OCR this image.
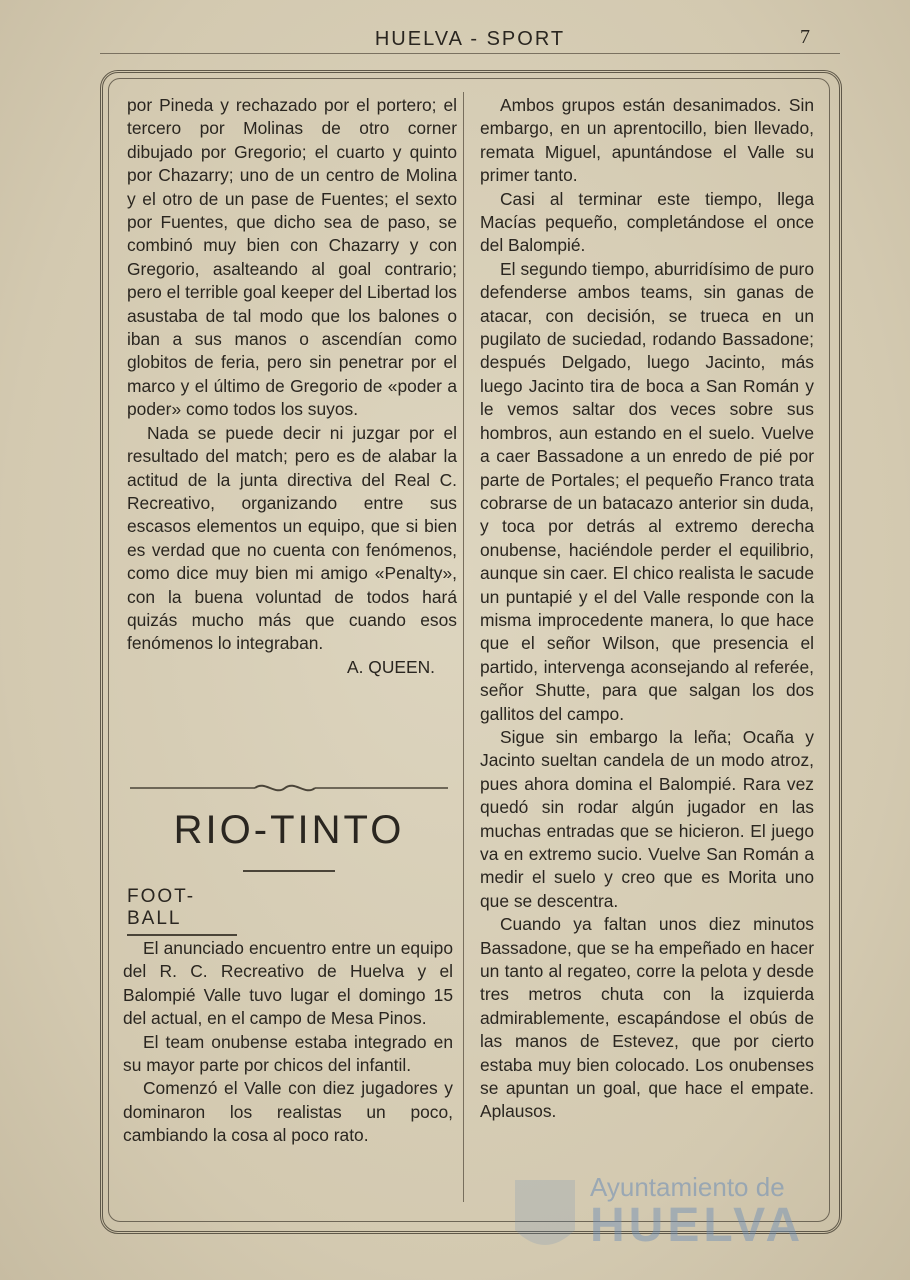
HUELVA - SPORT	7

por Pineda y rechazado por el portero; el tercero por Molinas de otro corner dibujado por Gregorio; el cuarto y quinto por Chazarry; uno de un centro de Molina y el otro de un pase de Fuentes; el sexto por Fuentes, que dicho sea de paso, se combinó muy bien con Chazarry y con Gregorio, asalteando al goal contrario; pero el terrible goal keeper del Libertad los asustaba de tal modo que los balones o iban a sus manos o ascendían como globitos de feria, pero sin penetrar por el marco y el último de Gregorio de «poder a poder» como todos los suyos.

Nada se puede decir ni juzgar por el resultado del match; pero es de alabar la actitud de la junta directiva del Real C. Recreativo, organizando entre sus escasos elementos un equipo, que si bien es verdad que no cuenta con fenómenos, como dice muy bien mi amigo «Penalty», con la buena voluntad de todos hará quizás mucho más que cuando esos fenómenos lo integraban.

A. QUEEN.

RIO-TINTO
FOOT-BALL

El anunciado encuentro entre un equipo del R. C. Recreativo de Huelva y el Balompié Valle tuvo lugar el domingo 15 del actual, en el campo de Mesa Pinos.

El team onubense estaba integrado en su mayor parte por chicos del infantil.

Comenzó el Valle con diez jugadores y dominaron los realistas un poco, cambiando la cosa al poco rato.

Ambos grupos están desanimados. Sin embargo, en un aprentocillo, bien llevado, remata Miguel, apuntándose el Valle su primer tanto.

Casi al terminar este tiempo, llega Macías pequeño, completándose el once del Balompié.

El segundo tiempo, aburridísimo de puro defenderse ambos teams, sin ganas de atacar, con decisión, se trueca en un pugilato de suciedad, rodando Bassadone; después Delgado, luego Jacinto, más luego Jacinto tira de boca a San Román y le vemos saltar dos veces sobre sus hombros, aun estando en el suelo. Vuelve a caer Bassadone a un enredo de pié por parte de Portales; el pequeño Franco trata cobrarse de un batacazo anterior sin duda, y toca por detrás al extremo derecha onubense, haciéndole perder el equilibrio, aunque sin caer. El chico realista le sacude un puntapié y el del Valle responde con la misma improcedente manera, lo que hace que el señor Wilson, que presencia el partido, intervenga aconsejando al referée, señor Shutte, para que salgan los dos gallitos del campo.

Sigue sin embargo la leña; Ocaña y Jacinto sueltan candela de un modo atroz, pues ahora domina el Balompié. Rara vez quedó sin rodar algún jugador en las muchas entradas que se hicieron. El juego va en extremo sucio. Vuelve San Román a medir el suelo y creo que es Morita uno que se descentra.

Cuando ya faltan unos diez minutos Bassadone, que se ha empeñado en hacer un tanto al regateo, corre la pelota y desde tres metros chuta con la izquierda admirablemente, escapándose el obús de las manos de Estevez, que por cierto estaba muy bien colocado. Los onubenses se apuntan un goal, que hace el empate. Aplausos.

Ayuntamiento de
HUELVA
